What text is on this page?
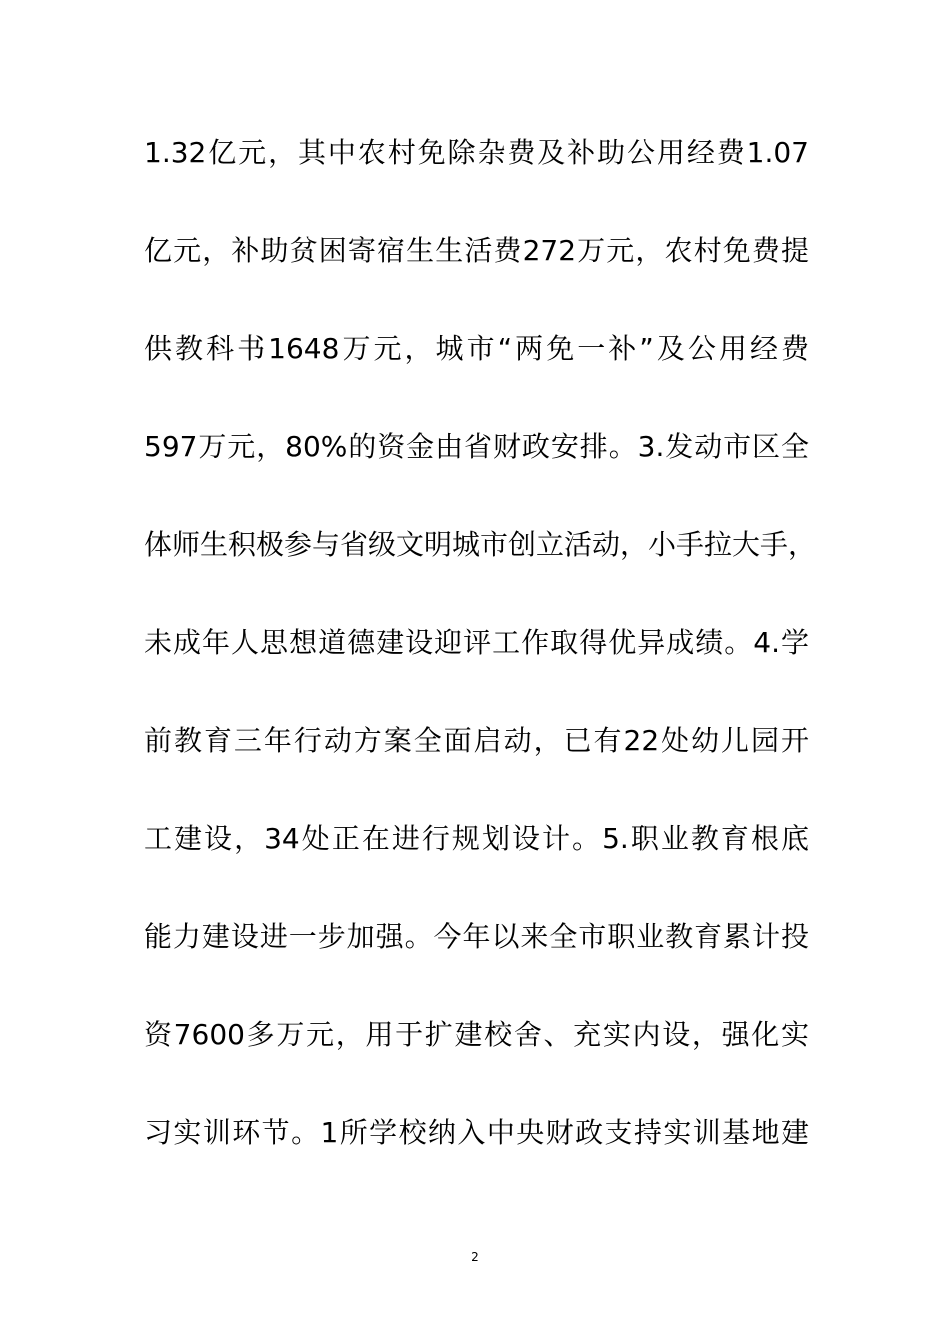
1.32亿元，其中农村免除杂费及补助公用经费1.07
亿元，补助贫困寄宿生生活费272万元，农村免费提
供教科书1648万元，城市“两免一补”及公用经费
597万元，80%的资金由省财政安排。3.发动市区全
体师生积极参与省级文明城市创立活动，小手拉大手，
未成年人思想道德建设迎评工作取得优异成绩。4.学
前教育三年行动方案全面启动，已有22处幼儿园开
工建设，34处正在进行规划设计。5.职业教育根底
能力建设进一步加强。今年以来全市职业教育累计投
资7600多万元，用于扩建校舍、充实内设，强化实
习实训环节。1所学校纳入中央财政支持实训基地建
2
